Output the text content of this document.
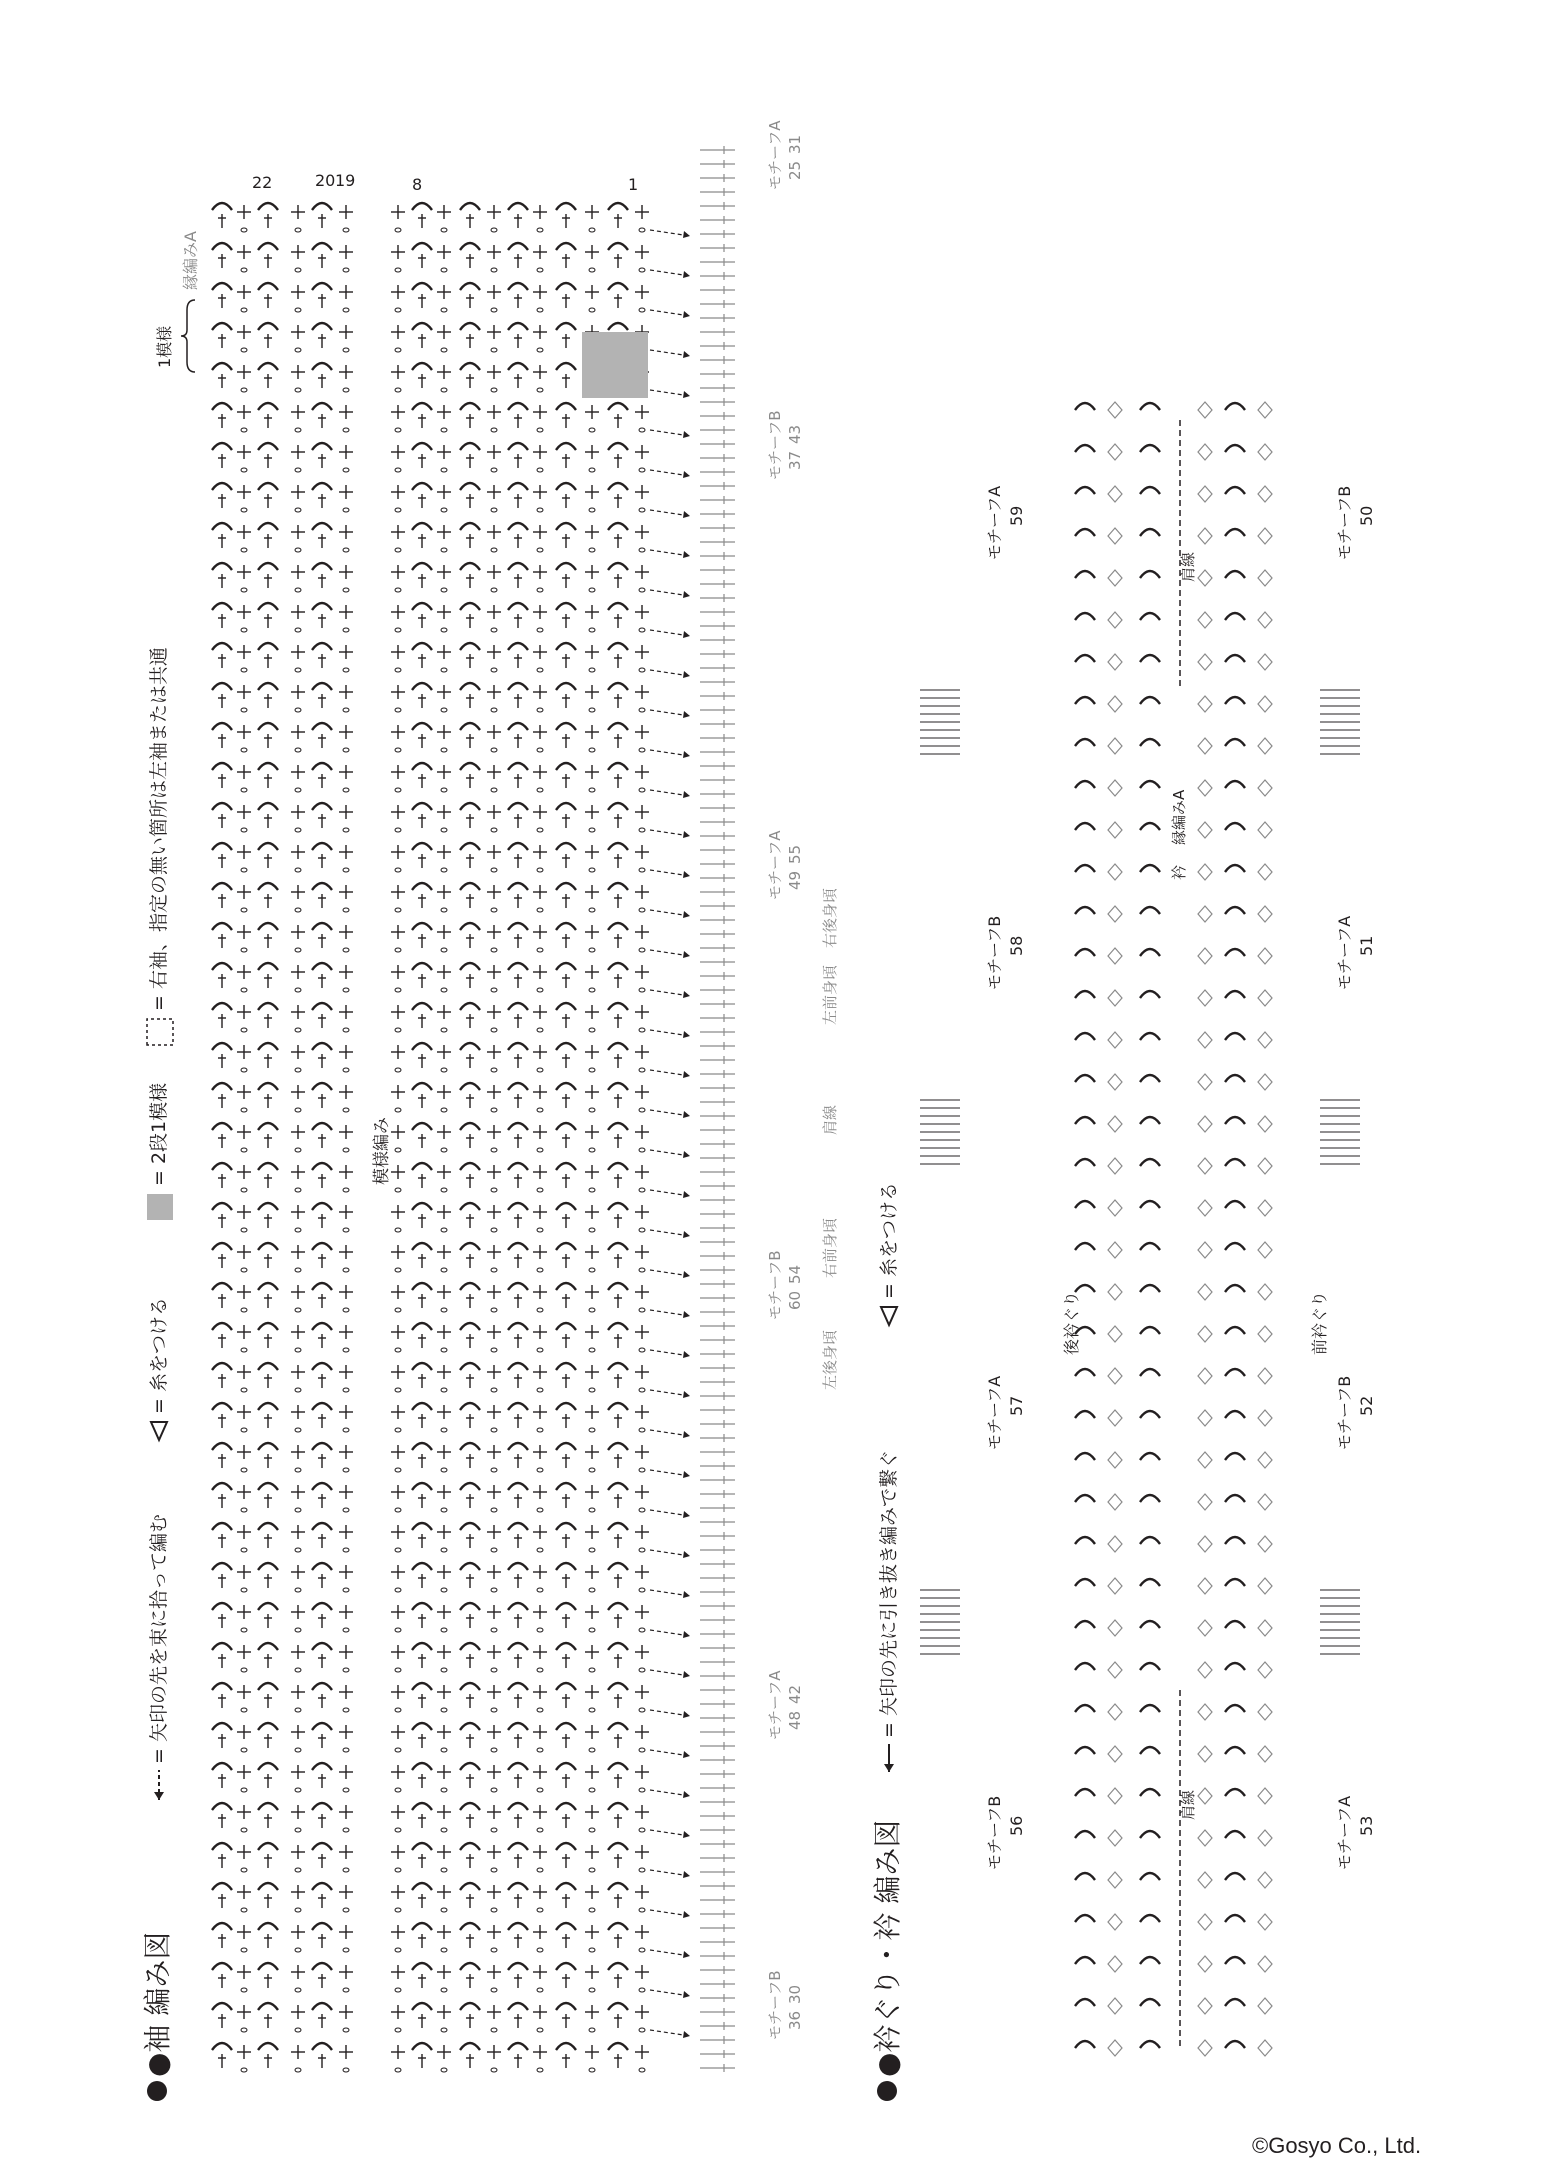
モチーフA 25
31
モチーフB 37
43
モチーフA 49
55
モチーフB 60
54
モチーフA 48
42
モチーフB 36
30
モチーフA 59	モチーフB 50
モチーフB 58	モチーフA 51
モチーフA 57	モチーフB 52
モチーフB 56	モチーフA 53
●袖 編み図
= 矢印の先を束に拾って編む
= 糸をつける
= 2段1模様
= 右袖、指定の無い箇所は左袖または共通
22	20 19	8	1
縁編みA
1模様
模様編み
左前身頃
右後身頃
肩線
左後身頃
右前身頃
●衿ぐり・衿 編み図
= 矢印の先に引き抜き編みで繋ぐ
= 糸をつける
肩線
肩線
縁編みA
衿
後衿ぐり	前衿ぐり
©Gosyo Co., Ltd.
